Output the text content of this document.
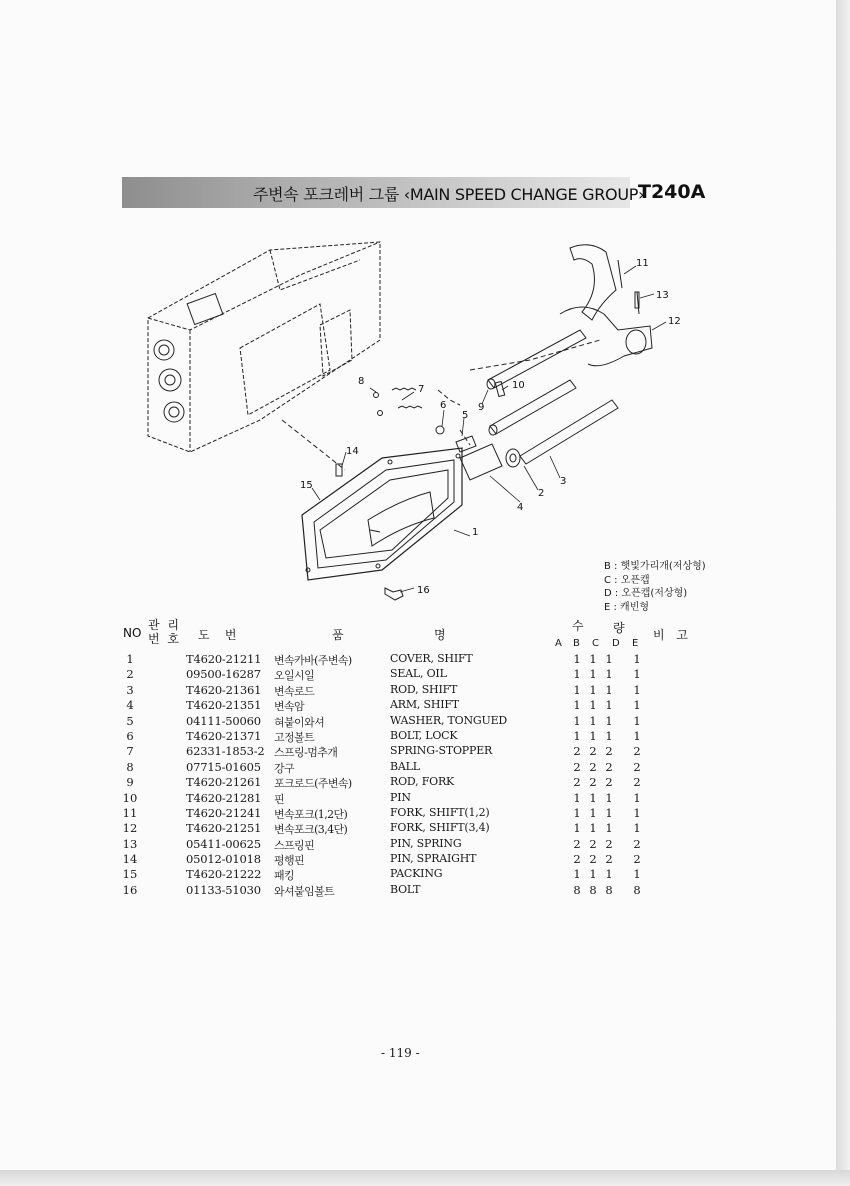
주변속 포크레버 그룹 ‹MAIN SPEED CHANGE GROUP›
T240A
1
2
3
4
5
6
7
8
9
10
11
12
13
14
15
16
B : 햇빛가리개(저상형)
C : 오픈캡
D : 오픈캡(저상형)
E : 캐빈형
NO
관 리
번 호 도    번	품	명
수 량 비 고
A B C D E
1	T4620-21211 변속카바(주변속)	COVER, SHIFT	1 1 1 1
2	09500-16287 오일시일	SEAL, OIL	1 1 1 1
3	T4620-21361 변속로드	ROD, SHIFT	1 1 1 1
4	T4620-21351 변속암	ARM, SHIFT	1 1 1 1
5	04111-50060 혀붙이와셔	WASHER, TONGUED	1 1 1 1
6	T4620-21371 고정볼트	BOLT, LOCK	1 1 1 1
7	62331-1853-2 스프링-멈추개	SPRING-STOPPER	2 2 2 2
8	07715-01605 강구	BALL	2 2 2 2
9	T4620-21261 포크로드(주변속)	ROD, FORK	2 2 2 2
10	T4620-21281 핀	PIN	1 1 1 1
11	T4620-21241 변속포크(1,2단)	FORK, SHIFT(1,2)	1 1 1 1
12	T4620-21251 변속포크(3,4단)	FORK, SHIFT(3,4)	1 1 1 1
13	05411-00625 스프링핀	PIN, SPRING	2 2 2 2
14	05012-01018 평행핀	PIN, SPRAIGHT	2 2 2 2
15	T4620-21222 패킹	PACKING	1 1 1 1
16	01133-51030 와셔붙임볼트	BOLT	8 8 8 8
- 119 -
